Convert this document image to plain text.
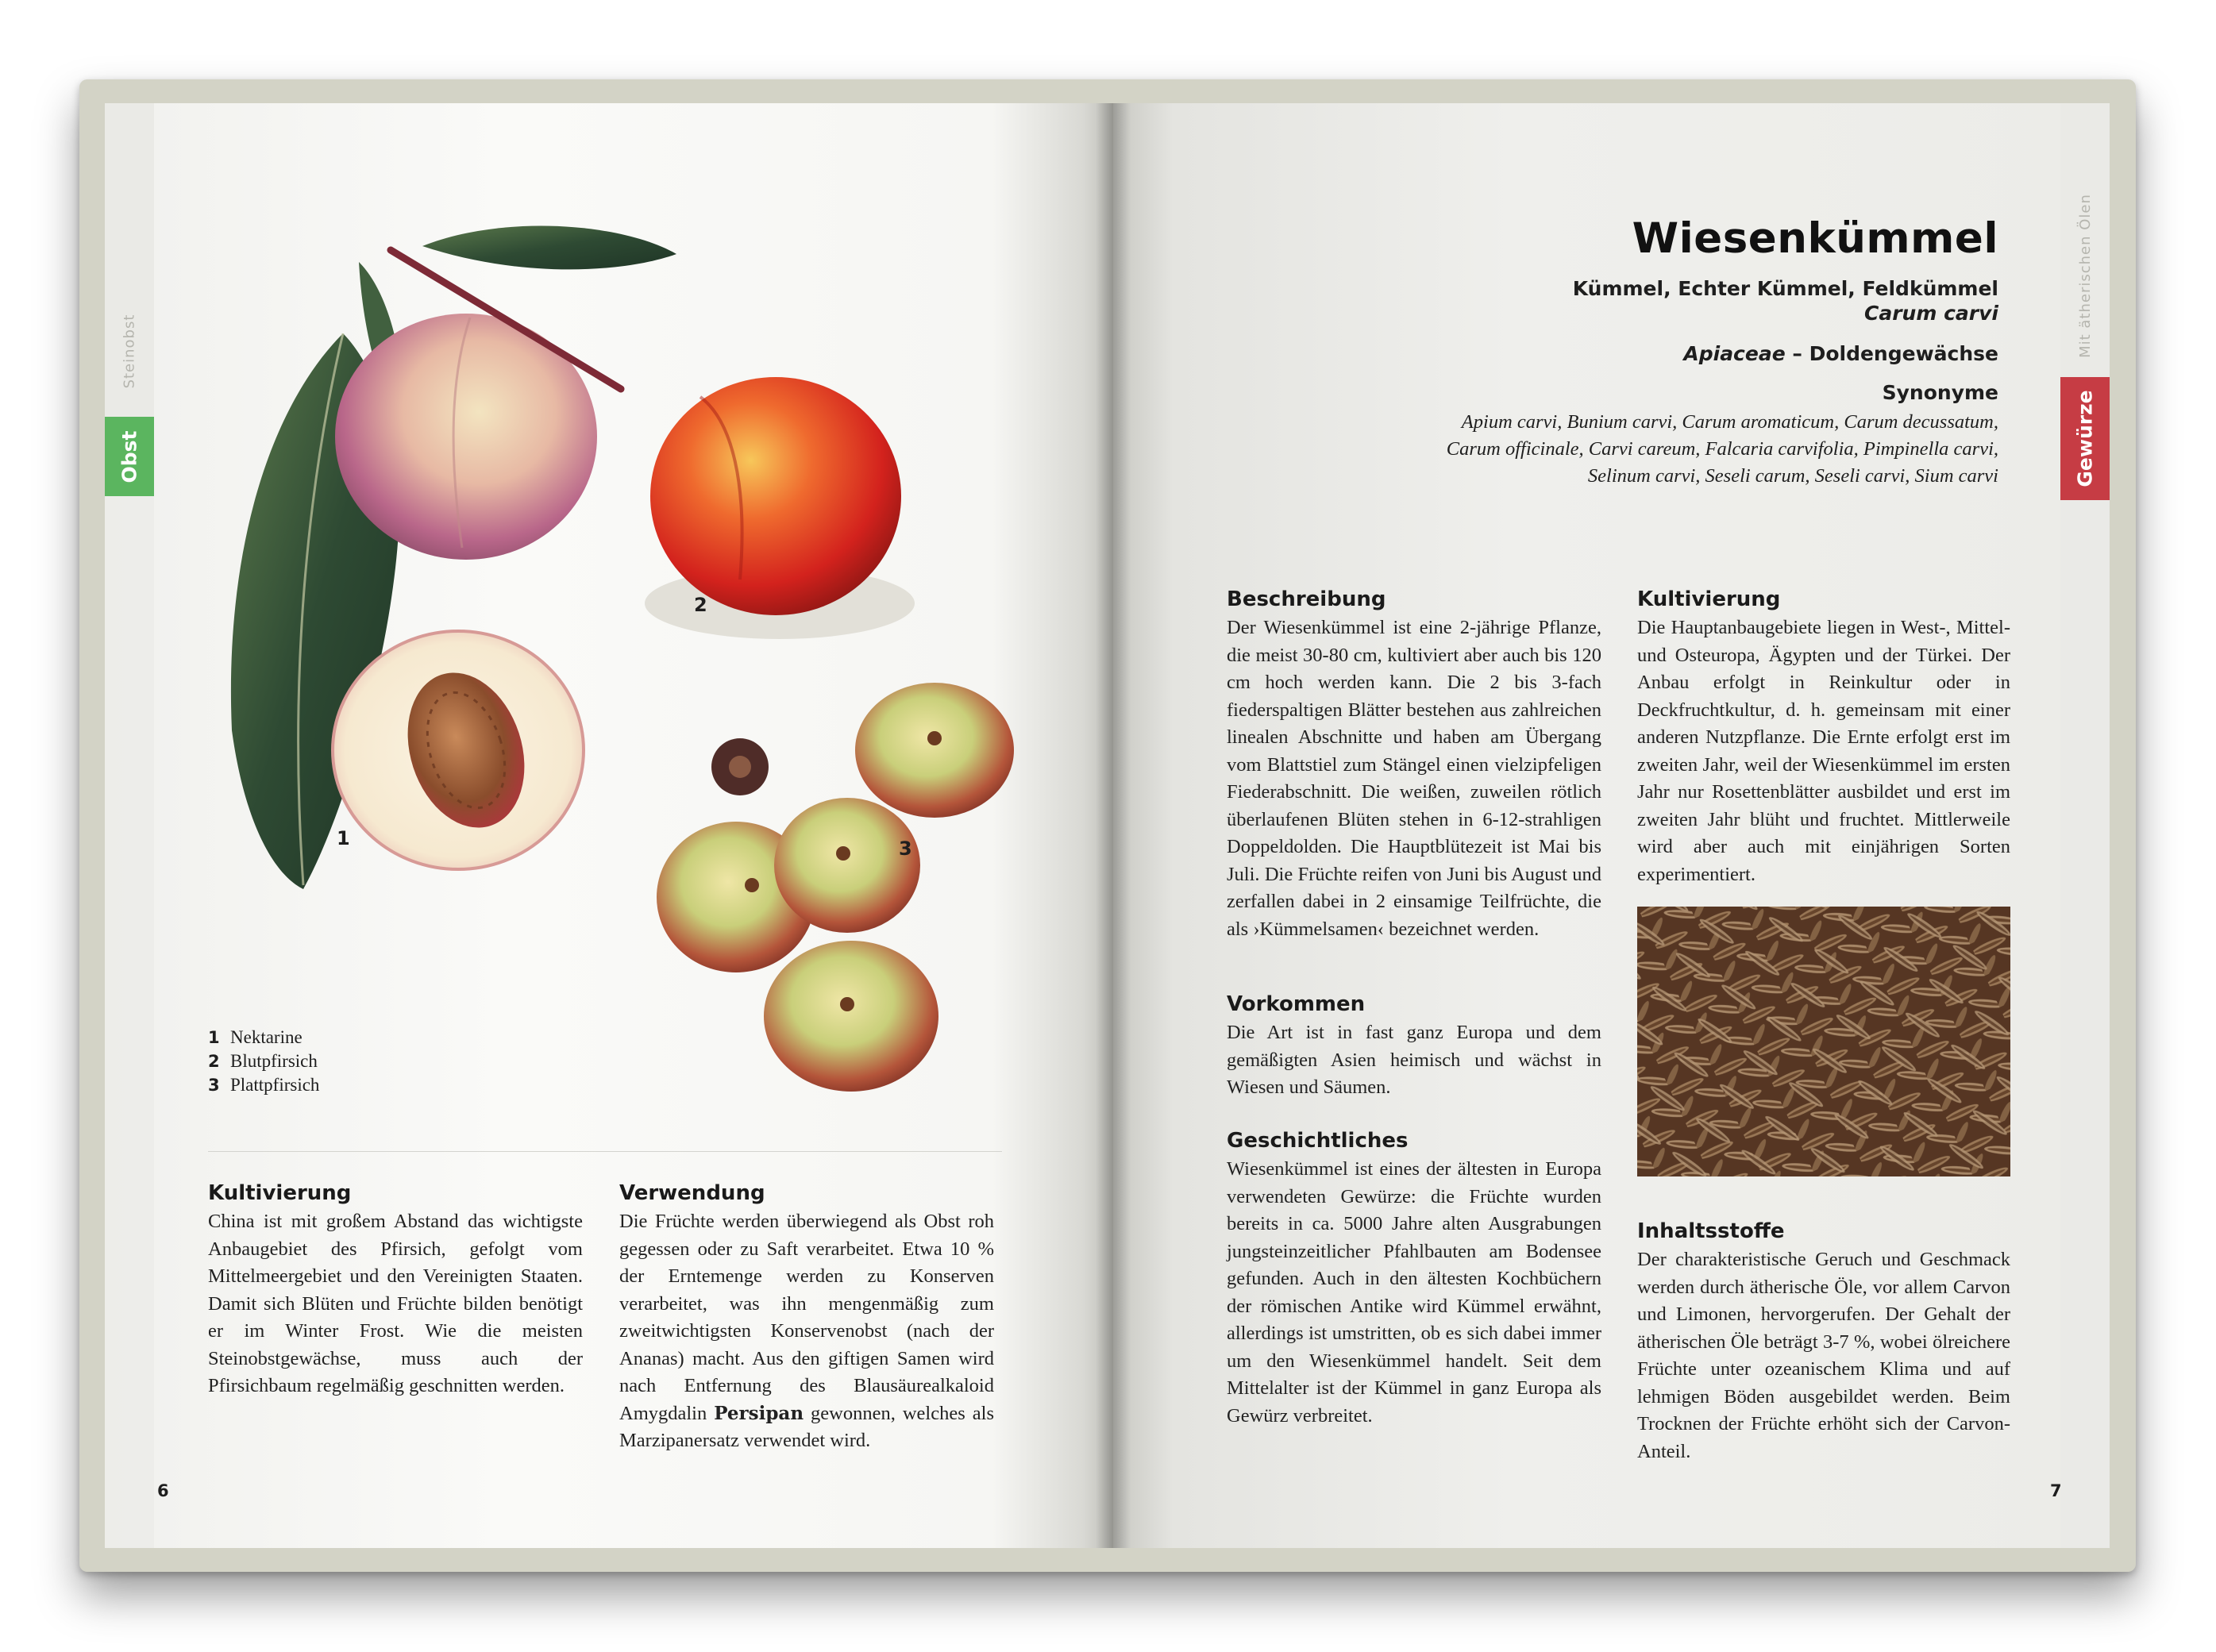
Steinobst
Obst
1
2
3
1 Nektarine
2 Blutpfirsich
3 Plattpfirsich
Kultivierung

China ist mit großem Abstand das wichtigste Anbaugebiet des Pfirsich, gefolgt vom Mittelmeergebiet und den Vereinigten Staaten. Damit sich Blüten und Früchte bilden benötigt er im Winter Frost. Wie die meisten Steinobstgewächse, muss auch der Pfirsichbaum regelmäßig geschnitten werden.

Verwendung

Die Früchte werden überwiegend als Obst roh gegessen oder zu Saft verarbeitet. Etwa 10 % der Erntemenge werden zu Konserven verarbeitet, was ihn mengenmäßig zum zweitwichtigsten Konservenobst (nach der Ananas) macht. Aus den giftigen Samen wird nach Entfernung des Blausäurealkaloid Amygdalin Persipan gewonnen, welches als Marzipanersatz verwendet wird.

6
Mit ätherischen Ölen
Gewürze
Wiesenkümmel
Kümmel, Echter Kümmel, Feldkümmel
Carum carvi
Apiaceae – Doldengewächse
Synonyme
Apium carvi, Bunium carvi, Carum aromaticum, Carum decussatum,
Carum officinale, Carvi careum, Falcaria carvifolia, Pimpinella carvi,
Selinum carvi, Seseli carum, Seseli carvi, Sium carvi
Beschreibung

Der Wiesenkümmel ist eine 2-jährige Pflanze, die meist 30-80 cm, kultiviert aber auch bis 120 cm hoch werden kann. Die 2 bis 3-fach fiederspaltigen Blätter bestehen aus zahlreichen linealen Abschnitte und haben am Übergang vom Blattstiel zum Stängel einen vielzipfeligen Fiederabschnitt. Die weißen, zuweilen rötlich überlaufenen Blüten stehen in 6-12-strahligen Doppeldolden. Die Hauptblütezeit ist Mai bis Juli. Die Früchte reifen von Juni bis August und zerfallen dabei in 2 einsamige Teilfrüchte, die als ›Kümmelsamen‹ bezeichnet werden.

Vorkommen

Die Art ist in fast ganz Europa und dem gemäßigten Asien heimisch und wächst in Wiesen und Säumen.

Geschichtliches

Wiesenkümmel ist eines der ältesten in Europa verwendeten Gewürze: die Früchte wurden bereits in ca. 5000 Jahre alten Ausgrabungen jungsteinzeitlicher Pfahlbauten am Bodensee gefunden. Auch in den ältesten Kochbüchern der römischen Antike wird Kümmel erwähnt, allerdings ist umstritten, ob es sich dabei immer um den Wiesenkümmel handelt. Seit dem Mittelalter ist der Kümmel in ganz Europa als Gewürz verbreitet.

Kultivierung

Die Hauptanbaugebiete liegen in West-, Mittel- und Osteuropa, Ägypten und der Türkei. Der Anbau erfolgt in Reinkultur oder in Deckfruchtkultur, d. h. gemeinsam mit einer anderen Nutzpflanze. Die Ernte erfolgt erst im zweiten Jahr, weil der Wiesenkümmel im ersten Jahr nur Rosettenblätter ausbildet und erst im zweiten Jahr blüht und fruchtet. Mittlerweile wird aber auch mit einjährigen Sorten experimentiert.

Inhaltsstoffe

Der charakteristische Geruch und Geschmack werden durch ätherische Öle, vor allem Carvon und Limonen, hervorgerufen. Der Gehalt der ätherischen Öle beträgt 3-7 %, wobei ölreichere Früchte unter ozeanischem Klima und auf lehmigen Böden ausgebildet werden. Beim Trocknen der Früchte erhöht sich der Carvon-Anteil.

7
